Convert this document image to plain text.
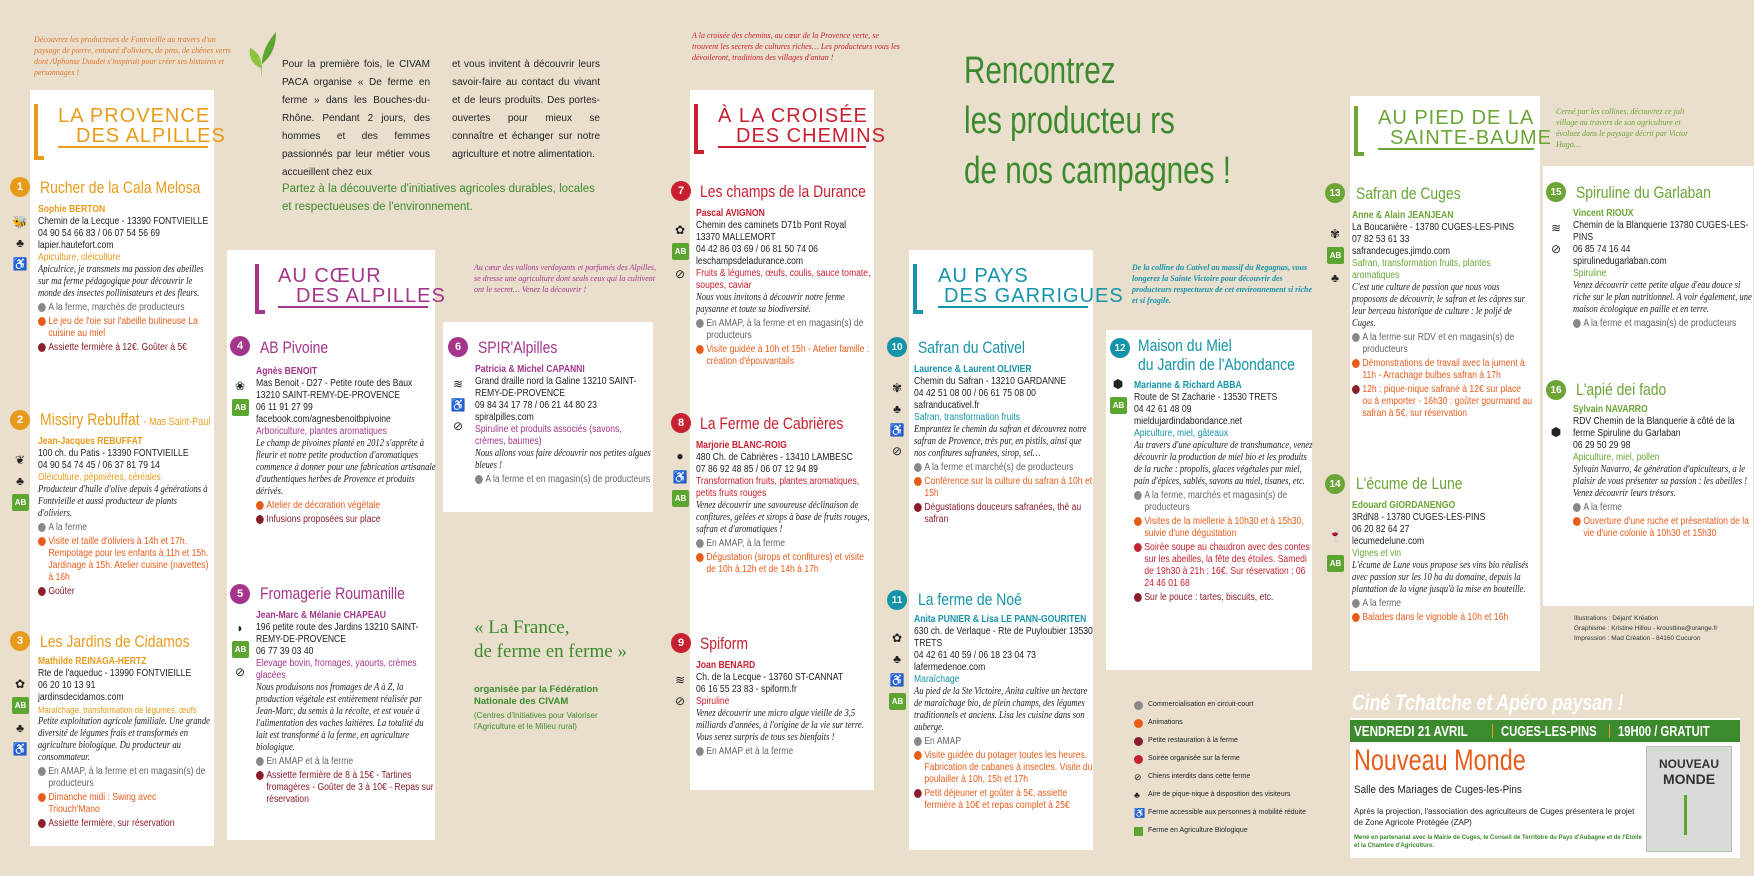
Découvrez les producteurs de Fontvieille au travers d'un paysage de pierre, entouré d'oliviers, de pins, de chênes verts dont Alphonse Daudet s'inspirait pour créer ses histoires et personnages !
A la croisée des chemins, au cœur de la Provence verte, se trouvent les secrets de cultures riches… Les producteurs vous les dévoileront, traditions des villages d'antan !
Au cœur des vallons verdoyants et parfumés des Alpilles, se dresse une agriculture dont seuls ceux qui la cultivent ont le secret… Venez la découvrir !
De la colline du Cativel au massif du Regagnas, vous longerez la Sainte Victoire pour découvrir des producteurs respectueux de cet environnement si riche et si fragile.
Cerné par les collines, découvrez ce joli village au travers de son agriculture et évoluez dans le paysage décrit par Victor Hugo…
Pour la première fois, le CIVAM PACA organise « De ferme en ferme » dans les Bouches-du-Rhône. Pendant 2 jours, des hommes et des femmes passionnés par leur métier vous accueillent chez eux
et vous invitent à découvrir leurs savoir-faire au contact du vivant et de leurs produits. Des portes-ouvertes pour mieux se connaître et échanger sur notre agriculture et notre alimentation.
Partez à la découverte d'initiatives agricoles durables, locales et respectueuses de l'environnement.
Rencontrez
les producteu rs
de nos campagnes !
LA PROVENCE
DES ALPILLES
AU CŒUR
DES ALPILLES
À LA CROISÉE
DES CHEMINS
AU PAYS
DES GARRIGUES
AU PIED DE LA
SAINTE-BAUME
1 Rucher de la Cala Melosa
🐝
♣
♿

Sophie BERTON

Chemin de la Lecque - 13390 FONTVIEILLE

04 90 54 66 83 / 06 07 54 56 69

lapier.hautefort.com

Apiculture, oléiculture

Apiculrice, je transmets ma passion des abeilles sur ma ferme pédagogique pour découvrir le monde des insectes pollinisateurs et des fleurs.

A la ferme, marchés de producteurs
Le jeu de l'oie sur l'abeille butineuse La cuisine au miel
Assiette fermière à 12€. Goûter à 5€
2 Missiry Rebuffat - Mas Saint-Paul
❦
♣
AB

Jean-Jacques REBUFFAT

100 ch. du Patis - 13390 FONTVIEILLE

04 90 54 74 45 / 06 37 81 79 14

Oléiculture, pépinières, céréales

Producteur d'huile d'olive depuis 4 générations à Fontvieille et aussi producteur de plants d'oliviers.

A la ferme
Visite et taille d'oliviers à 14h et 17h. Rempotage pour les enfants à 11h et 15h. Jardinage à 15h. Atelier cuisine (navettes) à 16h
Goûter
3 Les Jardins de Cidamos
✿
AB
♣
♿

Mathilde REINAGA-HERTZ

Rte de l'aqueduc - 13990 FONTVIEILLE

06 20 10 13 91

jardinsdecidamos.com

Maraîchage, transformation de légumes, œufs

Petite exploitation agricole familiale. Une grande diversité de légumes frais et transformés en agriculture biologique. Du producteur au consommateur.

En AMAP, à la ferme et en magasin(s) de producteurs
Dimanche midi : Swing avec Triouch'Mano
Assiette fermière, sur réservation
4 AB Pivoine
❀
AB

Agnès BENOIT

Mas Benoit - D27 - Petite route des Baux 13210 SAINT-REMY-DE-PROVENCE

06 11 91 27 99

facebook.com/agnesbenoitbpivoine

Arboriculture, plantes aromatiques

Le champ de pivoines planté en 2012 s'apprête à fleurir et notre petite production d'aromatiques commence à donner pour une fabrication artisanale d'authentiques herbes de Provence et produits dérivés.

Atelier de décoration végétale
Infusions proposées sur place
5 Fromagerie Roumanille
◗
AB
⊘

Jean-Marc & Mélanie CHAPEAU

196 petite route des Jardins 13210 SAINT-REMY-DE-PROVENCE

06 77 39 03 40

Elevage bovin, fromages, yaourts, crèmes glacées

Nous produisons nos fromages de A à Z, la production végétale est entièrement réalisée par Jean-Marc, du semis à la récolte, et est vouée à l'alimentation des vaches laitières. La totalité du lait est transformé à la ferme, en agriculture biologique.

En AMAP et à la ferme
Assiette fermière de 8 à 15€ - Tartines fromagères - Goûter de 3 à 10€ - Repas sur réservation
6 SPIR'Alpilles
≋
♿
⊘

Patricia & Michel CAPANNI

Grand draille nord la Galine 13210 SAINT-REMY-DE-PROVENCE

09 84 34 17 78 / 06 21 44 80 23

spiralpilles.com

Spiruline et produits associés (savons, crèmes, baumes)

Nous allons vous faire découvrir nos petites algues bleues !

A la ferme et en magasin(s) de producteurs
« La France,
de ferme en ferme »
organisée par la Fédération Nationale des CIVAM
(Centres d'Initiatives pour Valoriser l'Agriculture et le Milieu rural)
7 Les champs de la Durance
✿
AB
⊘

Pascal AVIGNON

Chemin des caminets D71b Pont Royal 13370 MALLEMORT

04 42 86 03 69 / 06 81 50 74 06

leschampsdeladurance.com

Fruits & légumes, œufs, coulis, sauce tomate, soupes, caviar

Nous vous invitons à découvrir notre ferme paysanne et toute sa biodiversité.

En AMAP, à la ferme et en magasin(s) de producteurs
Visite guidée à 10h et 15h - Atelier famille : création d'épouvantails
8 La Ferme de Cabrières
●
♿
AB

Marjorie BLANC-ROIG

480 Ch. de Cabrières - 13410 LAMBESC

07 86 92 48 85 / 06 07 12 94 89

Transformation fruits, plantes aromatiques, petits fruits rouges

Venez découvrir une savoureuse déclinaison de confitures, gelées et sirops à base de fruits rouges, safran et d'aromatiques !

En AMAP, à la ferme
Dégustation (sirops et confitures) et visite de 10h à 12h et de 14h à 17h
9 Spiform
≋
⊘

Joan BENARD

Ch. de la Lecque - 13760 ST-CANNAT

06 16 55 23 83 - spiform.fr

Spiruline

Venez découvrir une micro algue vieille de 3,5 milliards d'années, à l'origine de la vie sur terre. Vous serez surpris de tous ses bienfaits !

En AMAP et à la ferme
10 Safran du Cativel
✾
♣
♿
⊘

Laurence & Laurent OLIVIER

Chemin du Safran - 13210 GARDANNE

04 42 51 08 00 / 06 61 75 08 00

safranducativel.fr

Safran, transformation fruits

Empruntez le chemin du safran et découvrez notre safran de Provence, très pur, en pistils, ainsi que nos confitures safranées, sirop, sel…

A la ferme et marché(s) de producteurs
Conférence sur la culture du safran à 10h et 15h
Dégustations douceurs safranées, thé au safran
11 La ferme de Noé
✿
♣
♿
AB

Anita PUNIER & Lisa LE PANN-GOURITEN

630 ch. de Verlaque - Rte de Puyloubier 13530 TRETS

04 42 61 40 59 / 06 18 23 04 73

lafermedenoe.com

Maraîchage

Au pied de la Ste Victoire, Anita cultive un hectare de maraîchage bio, de plein champs, des légumes traditionnels et anciens. Lisa les cuisine dans son auberge.

En AMAP
Visite guidée du potager toutes les heures. Fabrication de cabanes à insectes. Visite du poulailler à 10h, 15h et 17h
Petit déjeuner et goûter à 5€, assiette fermière à 10€ et repas complet à 25€
12 Maison du Miel
du Jardin de l'Abondance
⬢
AB

Marianne & Richard ABBA

Route de St Zacharie - 13530 TRETS

04 42 61 48 09

mieldujardindabondance.net

Apiculture, miel, gâteaux

Au travers d'une apiculture de transhumance, venez découvrir la production de miel bio et les produits de la ruche : propolis, glaces végétales pur miel, pain d'épices, sablés, savons au miel, tisanes, etc.

A la ferme, marchés et magasin(s) de producteurs
Visites de la miellerie à 10h30 et à 15h30, suivie d'une dégustation
Soirée soupe au chaudron avec des contes sur les abeilles, la fête des étoiles. Samedi de 19h30 à 21h : 16€. Sur réservation : 06 24 46 01 68
Sur le pouce : tartes, biscuits, etc.
Commercialisation en circuit-court
Animations
Petite restauration à la ferme
Soirée organisée sur la ferme
⊘ Chiens interdits dans cette ferme
♣	Aire de pique-nique à disposition des visiteurs
♿ Ferme accessible aux personnes à mobilité réduite
Ferme en Agriculture Biologique
13 Safran de Cuges
✾
AB
♣

Anne & Alain JEANJEAN

La Boucanière - 13780 CUGES-LES-PINS

07 82 53 61 33

safrandecuges.jimdo.com

Safran, transformation fruits, plantes aromatiques

C'est une culture de passion que nous vous proposons de découvrir, le safran et les câpres sur leur berceau historique de culture : le poljé de Cuges.

A la ferme sur RDV et en magasin(s) de producteurs
Démonstrations de travail avec la jument à 11h - Arrachage bulbes safran à 17h
12h : pique-nique safrané à 12€ sur place ou à emporter - 16h30 : goûter gourmand au safran à 5€, sur réservation
14 L'écume de Lune
🍷
AB

Edouard GIORDANENGO

3RdN8 - 13780 CUGES-LES-PINS

06 20 82 64 27

lecumedelune.com

Vignes et vin

L'écume de Lune vous propose ses vins bio réalisés avec passion sur les 10 ha du domaine, depuis la plantation de la vigne jusqu'à la mise en bouteille.

A la ferme
Balades dans le vignoble à 10h et 16h
15 Spiruline du Garlaban
≋
⊘

Vincent RIOUX

Chemin de la Blanquerie 13780 CUGES-LES-PINS

06 85 74 16 44

spirulinedugarlaban.com

Spiruline

Venez découvrir cette petite algue d'eau douce si riche sur le plan nutritionnel. A voir également, une maison écologique en paille et en terre.

A la ferme et magasin(s) de producteurs
16 L'apié dei fado
⬢

Sylvain NAVARRO

RDV Chemin de la Blanquerie à côté de la ferme Spiruline du Garlaban

06 29 50 29 98

Apiculture, miel, pollen

Sylvain Navarro, 4e génération d'apiculteurs, a le plaisir de vous présenter sa passion : les abeilles ! Venez découvrir leurs trésors.

A la ferme
Ouverture d'une ruche et présentation de la vie d'une colonie à 10h30 et 15h30
Illustrations : Déjant' Kréation
Graphisme : Kristine Hillou - krousttine@orange.fr
Impression : Mad Création - 84160 Cucuron
Ciné Tchatche et Apéro paysan !
VENDREDI 21 AVRIL CUGES-LES-PINS 19H00 / GRATUIT
Nouveau Monde
Salle des Mariages de Cuges-les-Pins
Après la projection, l'association des agriculteurs de Cuges présentera le projet de Zone Agricole Protégée (ZAP)
Mené en partenariat avec la Mairie de Cuges, le Conseil de Territoire du Pays d'Aubagne et de l'Etoile et la Chambre d'Agriculture.
NOUVEAU
MONDE
